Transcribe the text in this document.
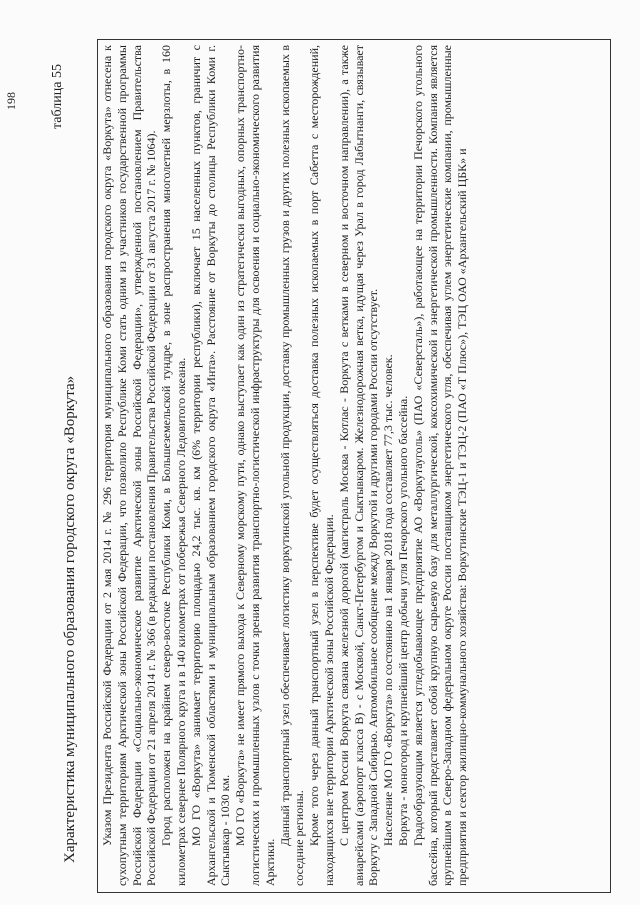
198 таблица 55
Характеристика муниципального образования городского округа «Воркута» Указом Президента Российской Федерации от 2 мая 2014 г. № 296 территория муниципального образования городского округа «Воркута» отнесена к сухопутным территориям Арктической зоны Российской Федерации, что позволило Республике Коми стать одним из участников государственной программы Российской Федерации «Социально-экономическое развитие Арктической зоны Российской Федерации», утвержденной постановлением Правительства Российской Федерации от 21 апреля 2014 г. № 366 (в редакции постановления Правительства Российской Федерации от 31 августа 2017 г. № 1064). Город расположен на крайнем северо-востоке Республики Коми, в Большеземельской тундре, в зоне распространения многолетней мерзлоты, в 160 километрах севернее Полярного круга и в 140 километрах от побережья Северного Ледовитого океана. МО ГО «Воркута» занимает территорию площадью 24,2 тыс. кв. км (6% территории республики), включает 15 населенных пунктов, граничит с Архангельской и Тюменской областями и муниципальным образованием городского округа «Инта». Расстояние от Воркуты до столицы Республики Коми г. Сыктывкар - 1030 км. МО ГО «Воркута» не имеет прямого выхода к Северному морскому пути, однако выступает как один из стратегически выгодных, опорных транспортно-логистических и промышленных узлов с точки зрения развития транспортно-логистической инфраструктуры для освоения и социально-экономического развития Арктики.

Данный транспортный узел обеспечивает логистику воркутинской угольной продукции, доставку промышленных грузов и других полезных ископаемых в соседние регионы. Кроме того через данный транспортный узел в перспективе будет осуществляться доставка полезных ископаемых в порт Сабетта с месторождений, находящихся вне территории Арктической зоны Российской Федерации. С центром России Воркута связана железной дорогой (магистраль Москва - Котлас - Воркута с ветками в северном и восточном направлении), а также авиарейсами (аэропорт класса В) - с Москвой, Санкт-Петербургом и Сыктывкаром. Железнодорожная ветка, идущая через Урал в город Лабытнанги, связывает Воркуту с Западной Сибирью. Автомобильное сообщение между Воркутой и другими городами России отсутствует. Население МО ГО «Воркута» по состоянию на 1 января 2018 года составляет 77,3 тыс. человек. Воркута - моногород и крупнейший центр добычи угля Печорского угольного бассейна. Градообразующим является угледобывающее предприятие АО «Воркутауголь» (ПАО «Северсталь»), работающее на территории Печорского угольного бассейна, который представляет собой крупную сырьевую базу для металлургической, коксохимической и энергетической промышленности. Компания является крупнейшим в Северо-Западном федеральном округе России поставщиком энергетического угля, обеспечивая углем энергетические компании, промышленные предприятия и сектор жилищно-коммунального хозяйства: Воркутинские ТЭЦ-1 и ТЭЦ-2 (ПАО «Т Плюс»), ТЭЦ ОАО «Архангельский ЦБК» и
